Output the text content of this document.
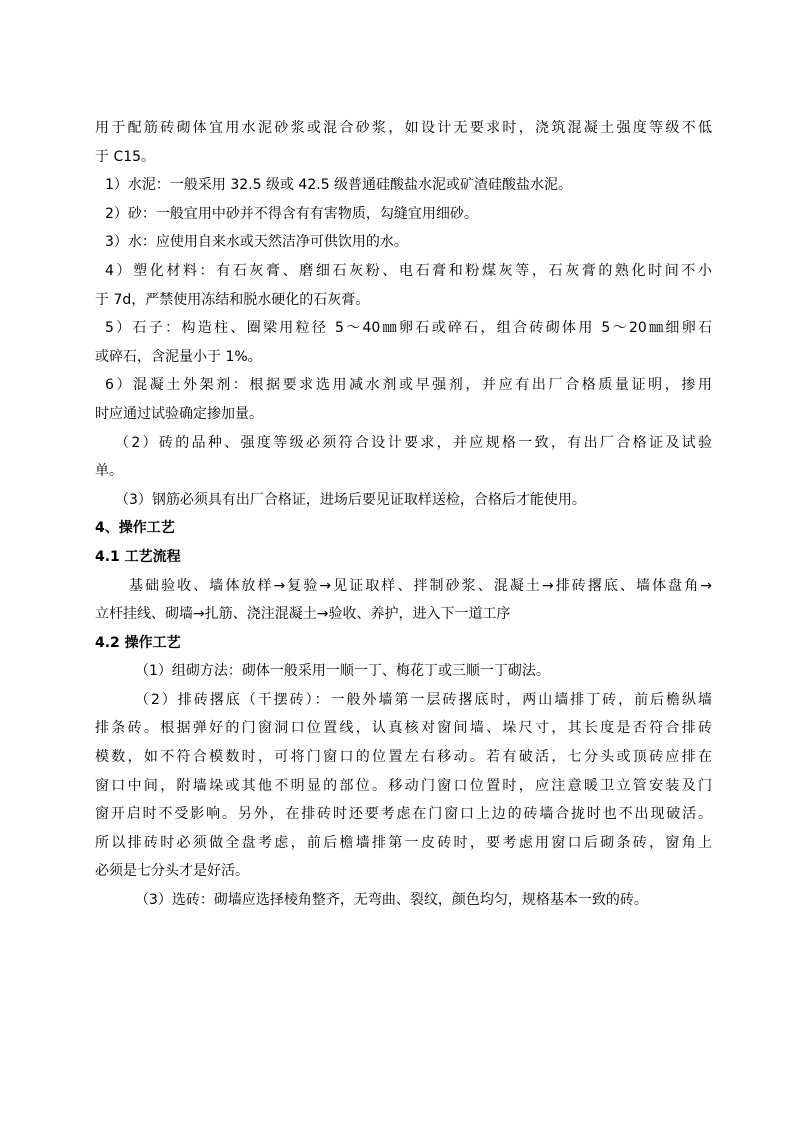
用于配筋砖砌体宜用水泥砂浆或混合砂浆，如设计无要求时，浇筑混凝土强度等级不低
于 C15。
1）水泥：一般采用 32.5 级或 42.5 级普通硅酸盐水泥或矿渣硅酸盐水泥。
2）砂：一般宜用中砂并不得含有有害物质，勾缝宜用细砂。
3）水：应使用自来水或天然洁净可供饮用的水。
4）塑化材料：有石灰膏、磨细石灰粉、电石膏和粉煤灰等，石灰膏的熟化时间不小
于 7d，严禁使用冻结和脱水硬化的石灰膏。
5）石子：构造柱、圈梁用粒径 5～40㎜卵石或碎石，组合砖砌体用 5～20㎜细卵石
或碎石，含泥量小于 1%。
6）混凝土外架剂：根据要求选用减水剂或早强剂，并应有出厂合格质量证明，掺用
时应通过试验确定掺加量。
（2）砖的品种、强度等级必须符合设计要求，并应规格一致，有出厂合格证及试验
单。
（3）钢筋必须具有出厂合格证，进场后要见证取样送检，合格后才能使用。
4、操作工艺
4.1 工艺流程
基础验收、墙体放样→复验→见证取样、拌制砂浆、混凝土→排砖撂底、墙体盘角→
立杆挂线、砌墙→扎筋、浇注混凝土→验收、养护，进入下一道工序
4.2 操作工艺
（1）组砌方法：砌体一般采用一顺一丁、梅花丁或三顺一丁砌法。
（2）排砖撂底（干摆砖）：一般外墙第一层砖撂底时，两山墙排丁砖，前后檐纵墙
排条砖。根据弹好的门窗洞口位置线，认真核对窗间墙、垛尺寸，其长度是否符合排砖
模数，如不符合模数时，可将门窗口的位置左右移动。若有破活，七分头或顶砖应排在
窗口中间，附墙垛或其他不明显的部位。移动门窗口位置时，应注意暖卫立管安装及门
窗开启时不受影响。另外，在排砖时还要考虑在门窗口上边的砖墙合拢时也不出现破活。
所以排砖时必须做全盘考虑，前后檐墙排第一皮砖时，要考虑用窗口后砌条砖，窗角上
必须是七分头才是好活。
（3）选砖：砌墙应选择棱角整齐，无弯曲、裂纹，颜色均匀，规格基本一致的砖。
